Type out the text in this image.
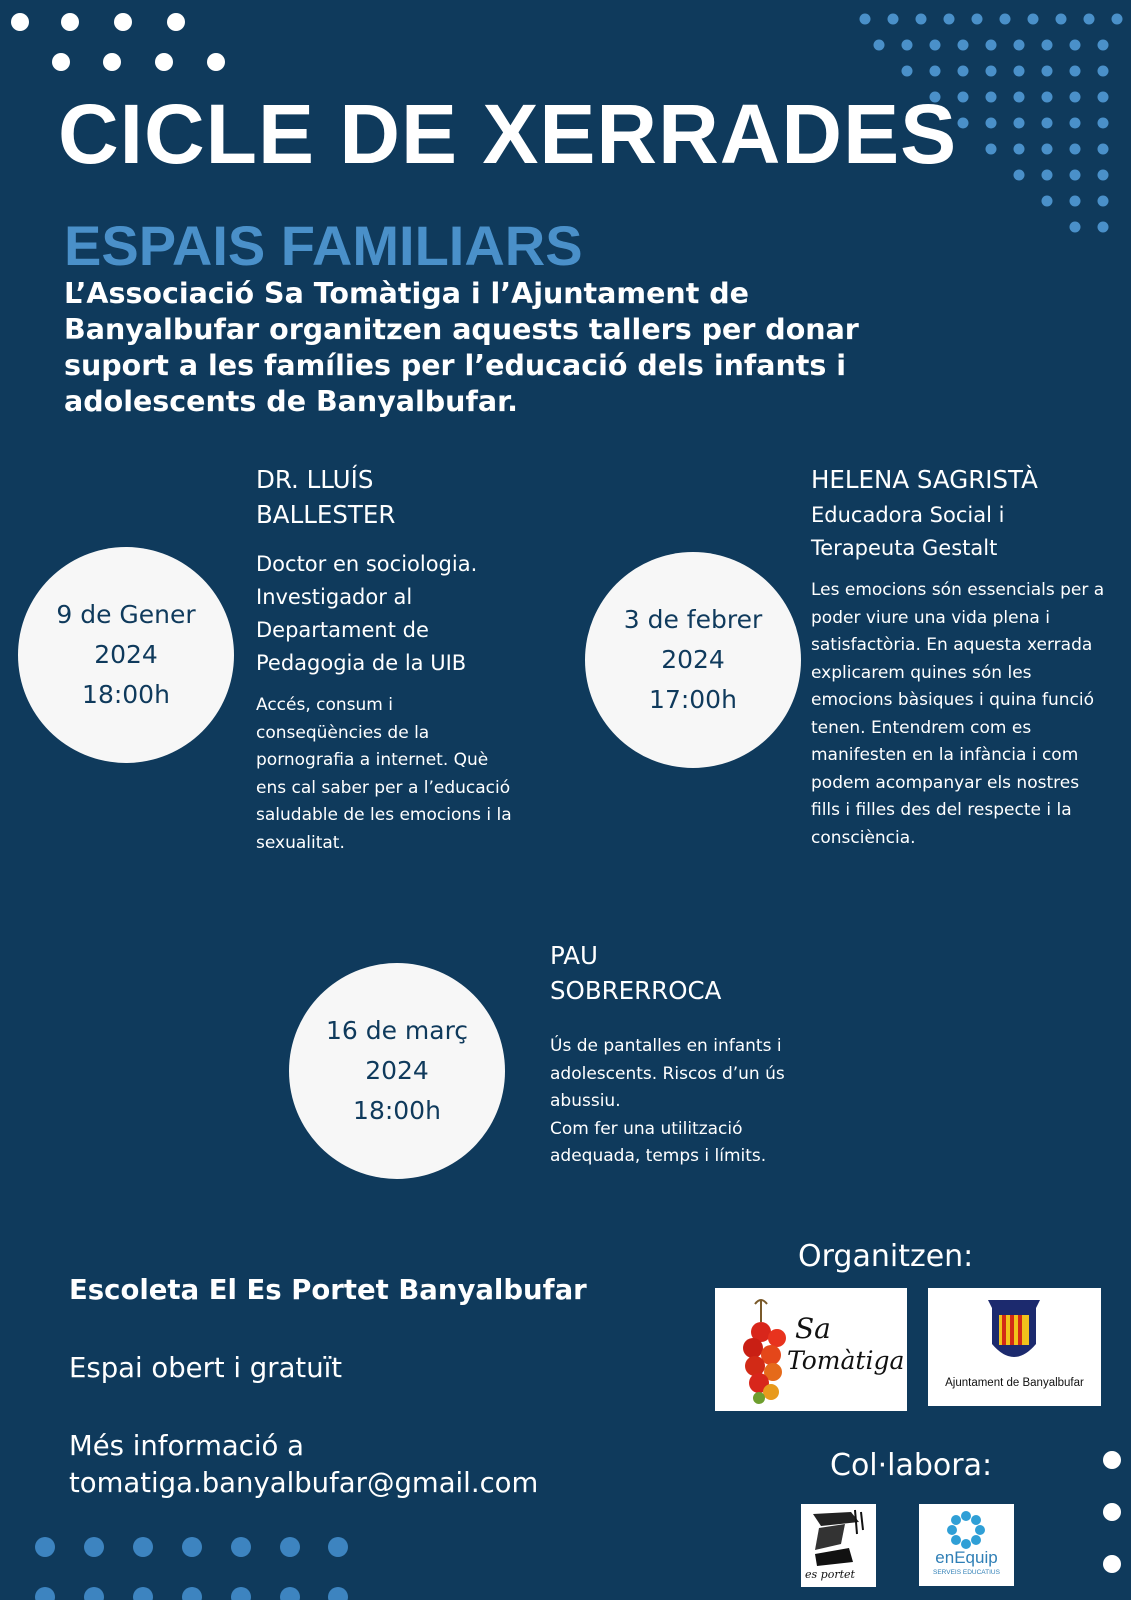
CICLE DE XERRADES
ESPAIS FAMILIARS

L’Associació Sa Tomàtiga i l’Ajuntament de Banyalbufar organitzen aquests tallers per donar suport a les famílies per l’educació dels infants i adolescents de Banyalbufar.

9 de Gener
2024
18:00h
DR. LLUÍS
BALLESTER

Doctor en sociologia. Investigador al Departament de Pedagogia de la UIB

Accés, consum i conseqüències de la pornografia a internet. Què ens cal saber per a l’educació saludable de les emocions i la sexualitat.

3 de febrer
2024
17:00h
HELENA SAGRISTÀ

Educadora Social i Terapeuta Gestalt

Les emocions són essencials per a poder viure una vida plena i satisfactòria. En aquesta xerrada explicarem quines són les emocions bàsiques i quina funció tenen. Entendrem com es manifesten en la infància i com podem acompanyar els nostres fills i filles des del respecte i la consciència.

16 de març
2024
18:00h
PAU
SOBRERROCA
Ús de pantalles en infants i adolescents. Riscos d’un ús abussiu.
Com fer una utilització adequada, temps i límits.

Escoleta El Es Portet Banyalbufar

Espai obert i gratuït

Més informació a

tomatiga.banyalbufar@gmail.com

Organitzen:

Sa
Tomàtiga
Ajuntament de Banyalbufar

Col·labora:

es portet
enEquip
SERVEIS EDUCATIUS
